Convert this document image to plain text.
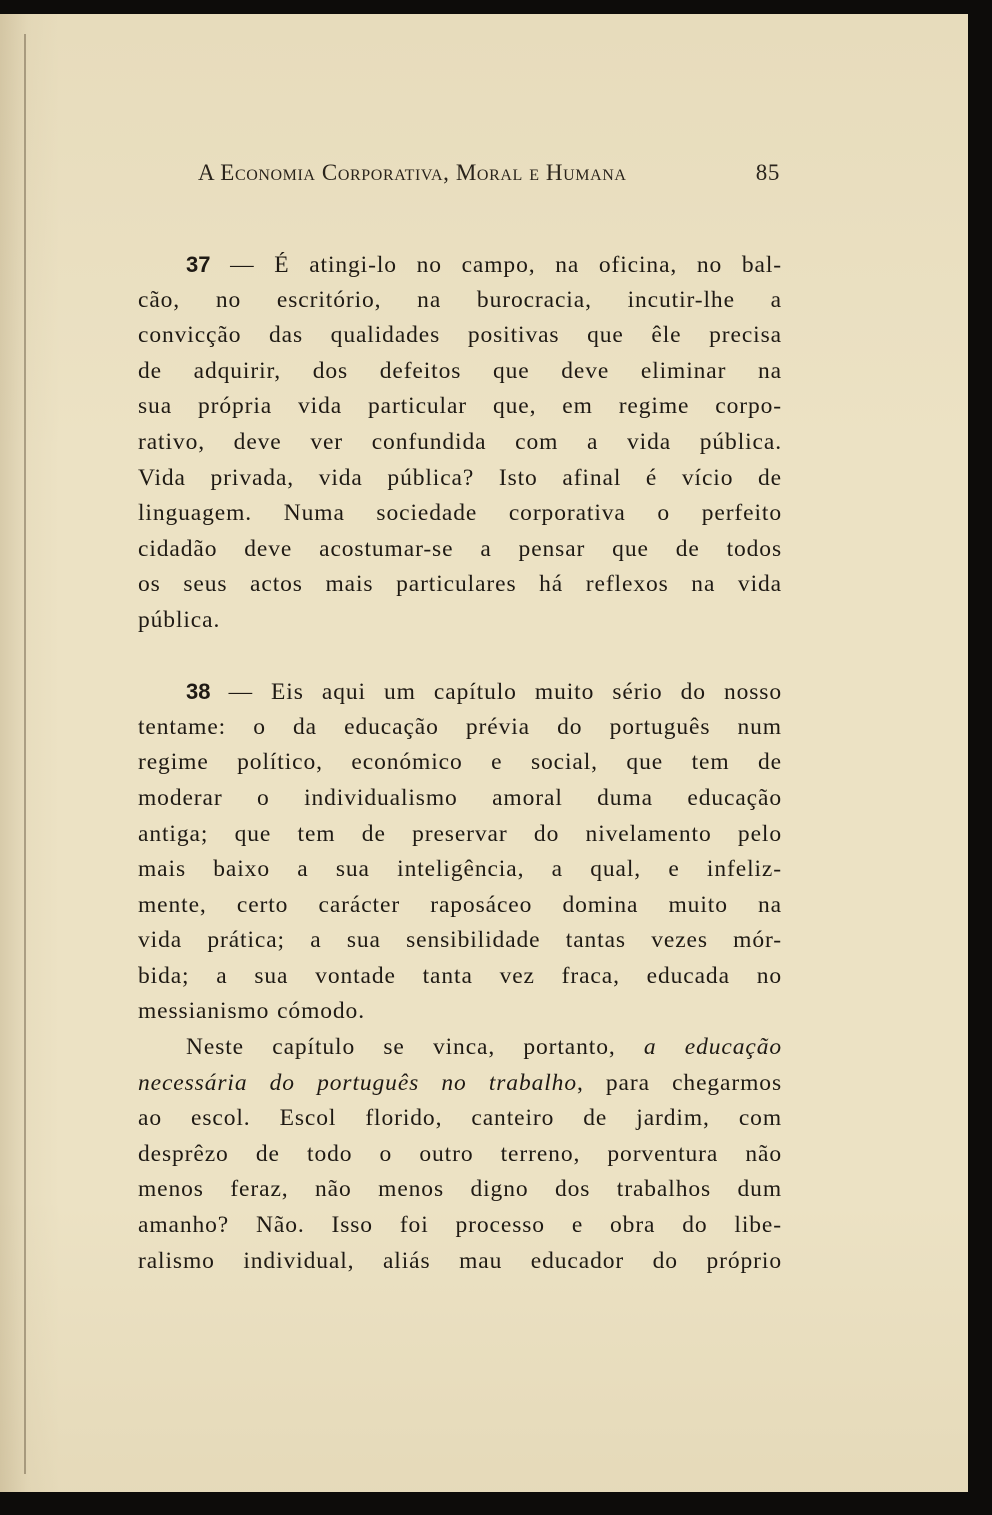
A Economia Corporativa, Moral e Humana	85
37 — É atingi-lo no campo, na oficina, no bal-
cão, no escritório, na burocracia, incutir-lhe a
convicção das qualidades positivas que êle precisa
de adquirir, dos defeitos que deve eliminar na
sua própria vida particular que, em regime corpo-
rativo, deve ver confundida com a vida pública.
Vida privada, vida pública? Isto afinal é vício de
linguagem. Numa sociedade corporativa o perfeito
cidadão deve acostumar-se a pensar que de todos
os seus actos mais particulares há reflexos na vida
pública.
38 — Eis aqui um capítulo muito sério do nosso
tentame: o da educação prévia do português num
regime político, económico e social, que tem de
moderar o individualismo amoral duma educação
antiga; que tem de preservar do nivelamento pelo
mais baixo a sua inteligência, a qual, e infeliz-
mente, certo carácter raposáceo domina muito na
vida prática; a sua sensibilidade tantas vezes mór-
bida; a sua vontade tanta vez fraca, educada no
messianismo cómodo.
Neste capítulo se vinca, portanto, a educação
necessária do português no trabalho, para chegarmos
ao escol. Escol florido, canteiro de jardim, com
desprêzo de todo o outro terreno, porventura não
menos feraz, não menos digno dos trabalhos dum
amanho? Não. Isso foi processo e obra do libe-
ralismo individual, aliás mau educador do próprio
